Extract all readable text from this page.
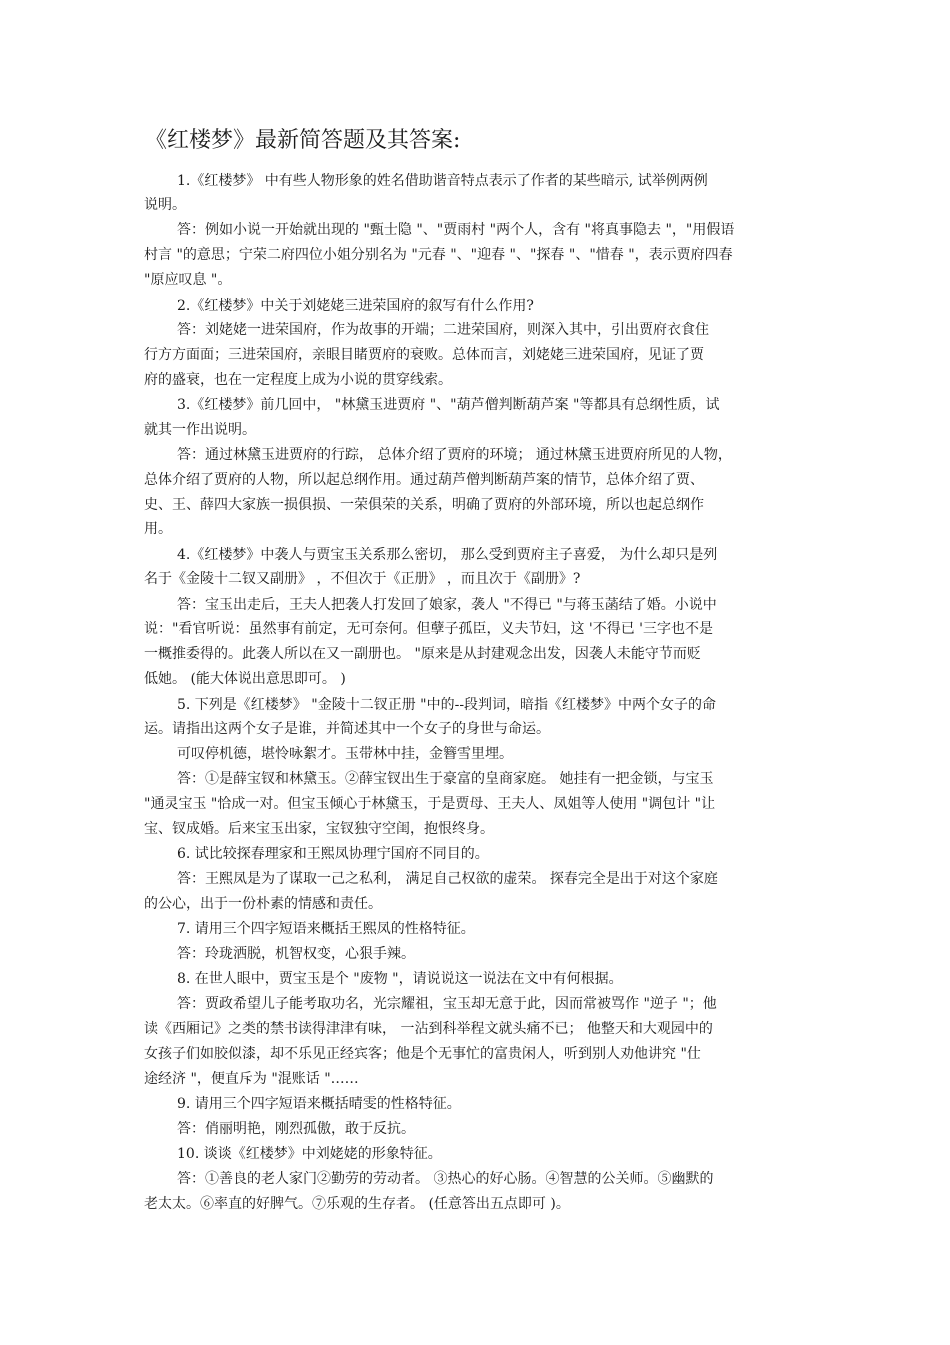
《红楼梦》最新简答题及其答案:
1.《红楼梦》 中有些人物形象的姓名借助谐音特点表示了作者的某些暗示, 试举例两例
说明。
答：例如小说一开始就出现的 "甄士隐 "、"贾雨村 "两个人，含有 "将真事隐去 "，"用假语
村言 "的意思；宁荣二府四位小姐分别名为 "元春 "、"迎春 "、"探春 "、"惜春 "，表示贾府四春
"原应叹息 "。
2.《红楼梦》中关于刘姥姥三进荣国府的叙写有什么作用?
答：刘姥姥一进荣国府，作为故事的开端；二进荣国府，则深入其中，引出贾府衣食住
行方方面面；三进荣国府，亲眼目睹贾府的衰败。总体而言，刘姥姥三进荣国府，见证了贾
府的盛衰，也在一定程度上成为小说的贯穿线索。
3.《红楼梦》前几回中， "林黛玉进贾府 "、"葫芦僧判断葫芦案 "等都具有总纲性质，试
就其一作出说明。
答：通过林黛玉进贾府的行踪， 总体介绍了贾府的环境； 通过林黛玉进贾府所见的人物，
总体介绍了贾府的人物，所以起总纲作用。通过葫芦僧判断葫芦案的情节，总体介绍了贾、
史、王、薛四大家族一损俱损、一荣俱荣的关系，明确了贾府的外部环境，所以也起总纲作
用。
4.《红楼梦》中袭人与贾宝玉关系那么密切， 那么受到贾府主子喜爱， 为什么却只是列
名于《金陵十二钗又副册》 ，不但次于《正册》 ，而且次于《副册》?
答：宝玉出走后，王夫人把袭人打发回了娘家，袭人 "不得已 "与蒋玉菡结了婚。小说中
说："看官听说：虽然事有前定，无可奈何。但孽子孤臣，义夫节妇，这 '不得已 '三字也不是
一概推委得的。此袭人所以在又一副册也。 "原来是从封建观念出发，因袭人未能守节而贬
低她。 (能大体说出意思即可。 )
5. 下列是《红楼梦》 "金陵十二钗正册 "中的--段判词，暗指《红楼梦》中两个女子的命
运。请指出这两个女子是谁，并简述其中一个女子的身世与命运。
可叹停机德，堪怜咏絮才。玉带林中挂，金簪雪里埋。
答：①是薛宝钗和林黛玉。②薛宝钗出生于豪富的皇商家庭。 她挂有一把金锁，与宝玉
"通灵宝玉 "恰成一对。但宝玉倾心于林黛玉，于是贾母、王夫人、凤姐等人使用 "调包计 "让
宝、钗成婚。后来宝玉出家，宝钗独守空闺，抱恨终身。
6. 试比较探春理家和王熙凤协理宁国府不同目的。
答：王熙凤是为了谋取一己之私利， 满足自己权欲的虚荣。 探春完全是出于对这个家庭
的公心，出于一份朴素的情感和责任。
7. 请用三个四字短语来概括王熙凤的性格特征。
答：玲珑洒脱，机智权变，心狠手辣。
8. 在世人眼中，贾宝玉是个 "废物 "，请说说这一说法在文中有何根据。
答：贾政希望儿子能考取功名，光宗耀祖，宝玉却无意于此，因而常被骂作 "逆子 "；他
读《西厢记》之类的禁书读得津津有味， 一沾到科举程文就头痛不已； 他整天和大观园中的
女孩子们如胶似漆，却不乐见正经宾客；他是个无事忙的富贵闲人，听到别人劝他讲究 "仕
途经济 "，便直斥为 "混账话 "……
9. 请用三个四字短语来概括晴雯的性格特征。
答：俏丽明艳，刚烈孤傲，敢于反抗。
10. 谈谈《红楼梦》中刘姥姥的形象特征。
答：①善良的老人家门②勤劳的劳动者。 ③热心的好心肠。④智慧的公关师。⑤幽默的
老太太。⑥率直的好脾气。⑦乐观的生存者。 (任意答出五点即可 )。
